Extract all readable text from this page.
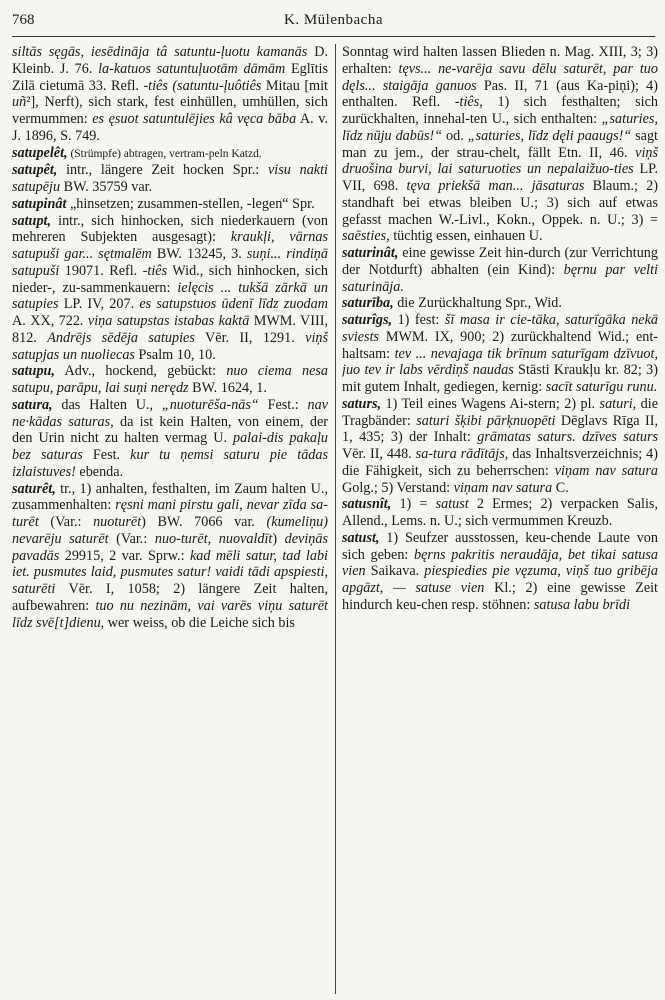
768	K. Mülenbacha

siltās sęgās, iesēdināja tâ satuntu-ļuotu kamanās D. Kleinb. J. 76. la-katuos satuntuļuotām dāmām Eglītis Zilā cietumā 33. Refl. -tiês (satuntu-ļuôtiês Mitau [mit uñ²], Nerft), sich stark, fest einhüllen, umhüllen, sich vermummen: es ęsuot satuntulējies kâ vęca bāba A. v. J. 1896, S. 749.

satupelêt, (Strümpfe) abtragen, vertram-peln Katzd.

satupêt, intr., längere Zeit hocken Spr.: visu nakti satupēju BW. 35759 var.

satupinât „hinsetzen; zusammen-stellen, -legen“ Spr.

satupt, intr., sich hinhocken, sich niederkauern (von mehreren Subjekten ausgesagt): kraukļi, vārnas satupuši gar... sętmalēm BW. 13245, 3. suņi... rindiņā satupuši 19071. Refl. -tiês Wid., sich hinhocken, sich nieder-, zu-sammenkauern: ielęcis ... tukšā zārkā un satupies LP. IV, 207. es satupstuos ūdenī līdz zuodam A. XX, 722. viņa satupstas istabas kaktā MWM. VIII, 812. Andrējs sēdēja satupies Vēr. II, 1291. viņš satupjas un nuoliecas Psalm 10, 10.

satupu, Adv., hockend, gebückt: nuo ciema nesa satupu, parāpu, lai suņi nerędz BW. 1624, 1.

satura, das Halten U., „nuoturēša-nās“ Fest.: nav ne·kādas saturas, da ist kein Halten, von einem, der den Urin nicht zu halten vermag U. palai-dis pakaļu bez saturas Fest. kur tu ņemsi saturu pie tādas izlaistuves! ebenda.

saturêt, tr., 1) anhalten, festhalten, im Zaum halten U., zusammenhalten: ręsni mani pirstu gali, nevar zīda sa-turēt (Var.: nuoturēt) BW. 7066 var. (kumeliņu) nevarēju saturēt (Var.: nuo-turēt, nuovaldīt) deviņās pavadās 29915, 2 var. Sprw.: kad mēli satur, tad labi iet. pusmutes laid, pusmutes satur! vaidi tādi apspiesti, saturēti Vēr. I, 1058; 2) längere Zeit halten, aufbewahren: tuo nu nezinām, vai varēs viņu saturēt līdz svē[t]dienu, wer weiss, ob die Leiche sich bis

Sonntag wird halten lassen Blieden n. Mag. XIII, 3; 3) erhalten: tęvs... ne-varēja savu dēlu saturēt, par tuo dęls... staigāja ganuos Pas. II, 71 (aus Ka-piņi); 4) enthalten. Refl. -tiês, 1) sich festhalten; sich zurückhalten, innehal-ten U., sich enthalten: „saturies, līdz nūju dabūs!“ od. „saturies, līdz dęli paaugs!“ sagt man zu jem., der strau-chelt, fällt Etn. II, 46. viņš druošina burvi, lai saturuoties un nepalaižuo-ties LP. VII, 698. tęva priekšā man... jāsaturas Blaum.; 2) standhaft bei etwas bleiben U.; 3) sich auf etwas gefasst machen W.-Livl., Kokn., Oppek. n. U.; 3) = saēsties, tüchtig essen, einhauen U.

saturinât, eine gewisse Zeit hin-durch (zur Verrichtung der Notdurft) abhalten (ein Kind): bęrnu par velti saturināja.

saturība, die Zurückhaltung Spr., Wid.

saturîgs, 1) fest: šī masa ir cie-tāka, saturīgāka nekā sviests MWM. IX, 900; 2) zurückhaltend Wid.; ent-haltsam: tev ... nevajaga tik brīnum saturīgam dzīvuot, juo tev ir labs vērdiņš naudas Stāsti Kraukļu kr. 82; 3) mit gutem Inhalt, gediegen, kernig: sacīt saturīgu runu.

saturs, 1) Teil eines Wagens Ai-stern; 2) pl. saturi, die Tragbänder: saturi šķibi pārķnuopēti Dēglavs Rīga II, 1, 435; 3) der Inhalt: grāmatas saturs. dzīves saturs Vēr. II, 448. sa-tura rādītājs, das Inhaltsverzeichnis; 4) die Fähigkeit, sich zu beherrschen: viņam nav satura Golg.; 5) Verstand: viņam nav satura C.

satusnît, 1) = satust 2 Ermes; 2) verpacken Salis, Allend., Lems. n. U.; sich vermummen Kreuzb.

satust, 1) Seufzer ausstossen, keu-chende Laute von sich geben: bęrns pakritis neraudāja, bet tikai satusa vien Saikava. piespiedies pie vęzuma, viņš tuo gribēja apgāzt, — satuse vien Kl.; 2) eine gewisse Zeit hindurch keu-chen resp. stöhnen: satusa labu brīdi
